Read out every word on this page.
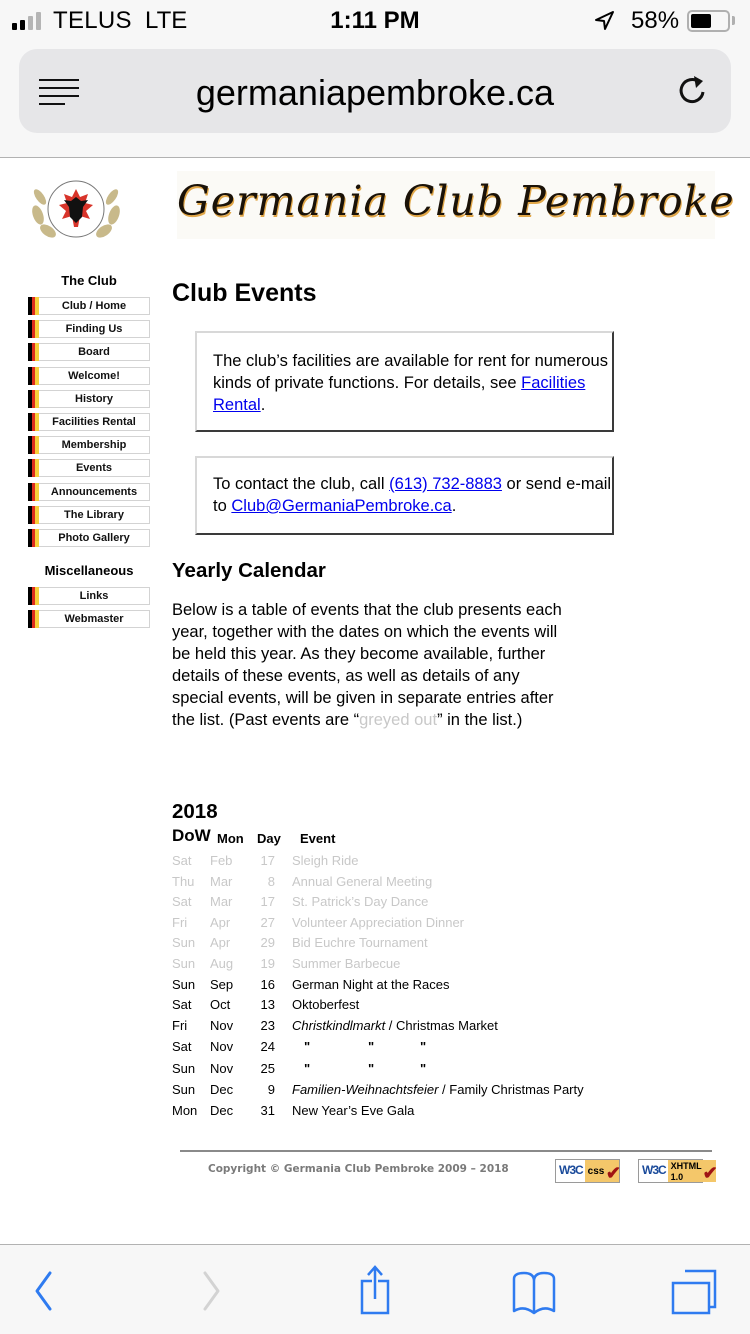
TELUS LTE	1:11 PM	58%
germaniapembroke.ca
Germania Club Pembroke
The Club
Club / Home
Finding Us
Board
Welcome!
History
Facilities Rental
Membership
Events
Announcements
The Library
Photo Gallery
Miscellaneous
Links
Webmaster
Club Events
The club’s facilities are available for rent for numerous kinds of private functions. For details, see Facilities Rental.
To contact the club, call (613) 732-8883 or send e-mail to Club@GermaniaPembroke.ca.
Yearly Calendar
Below is a table of events that the club presents each year, together with the dates on which the events will be held this year. As they become available, further details of these events, as well as details of any special events, will be given in separate entries after the list. (Past events are “greyed out” in the list.)
2018
DoW Mon Day Event
Sat Feb	17 Sleigh Ride
Thu Mar	8 Annual General Meeting
Sat Mar	17 St. Patrick’s Day Dance
Fri Apr	27 Volunteer Appreciation Dinner
Sun Apr	29 Bid Euchre Tournament
Sun Aug	19 Summer Barbecue
Sun Sep	16 German Night at the Races
Sat Oct	13 Oktoberfest
Fri Nov	23 Christkindlmarkt / Christmas Market
Sat Nov	24 "	"	"
Sun Nov	25 "	"	"
Sun Dec	9 Familien-Weihnachtsfeier / Family Christmas Party
Mon Dec	31 New Year’s Eve Gala
Copyright © Germania Club Pembroke 2009 – 2018	W3C css ✔ W3C XHTML
1.0	✔
